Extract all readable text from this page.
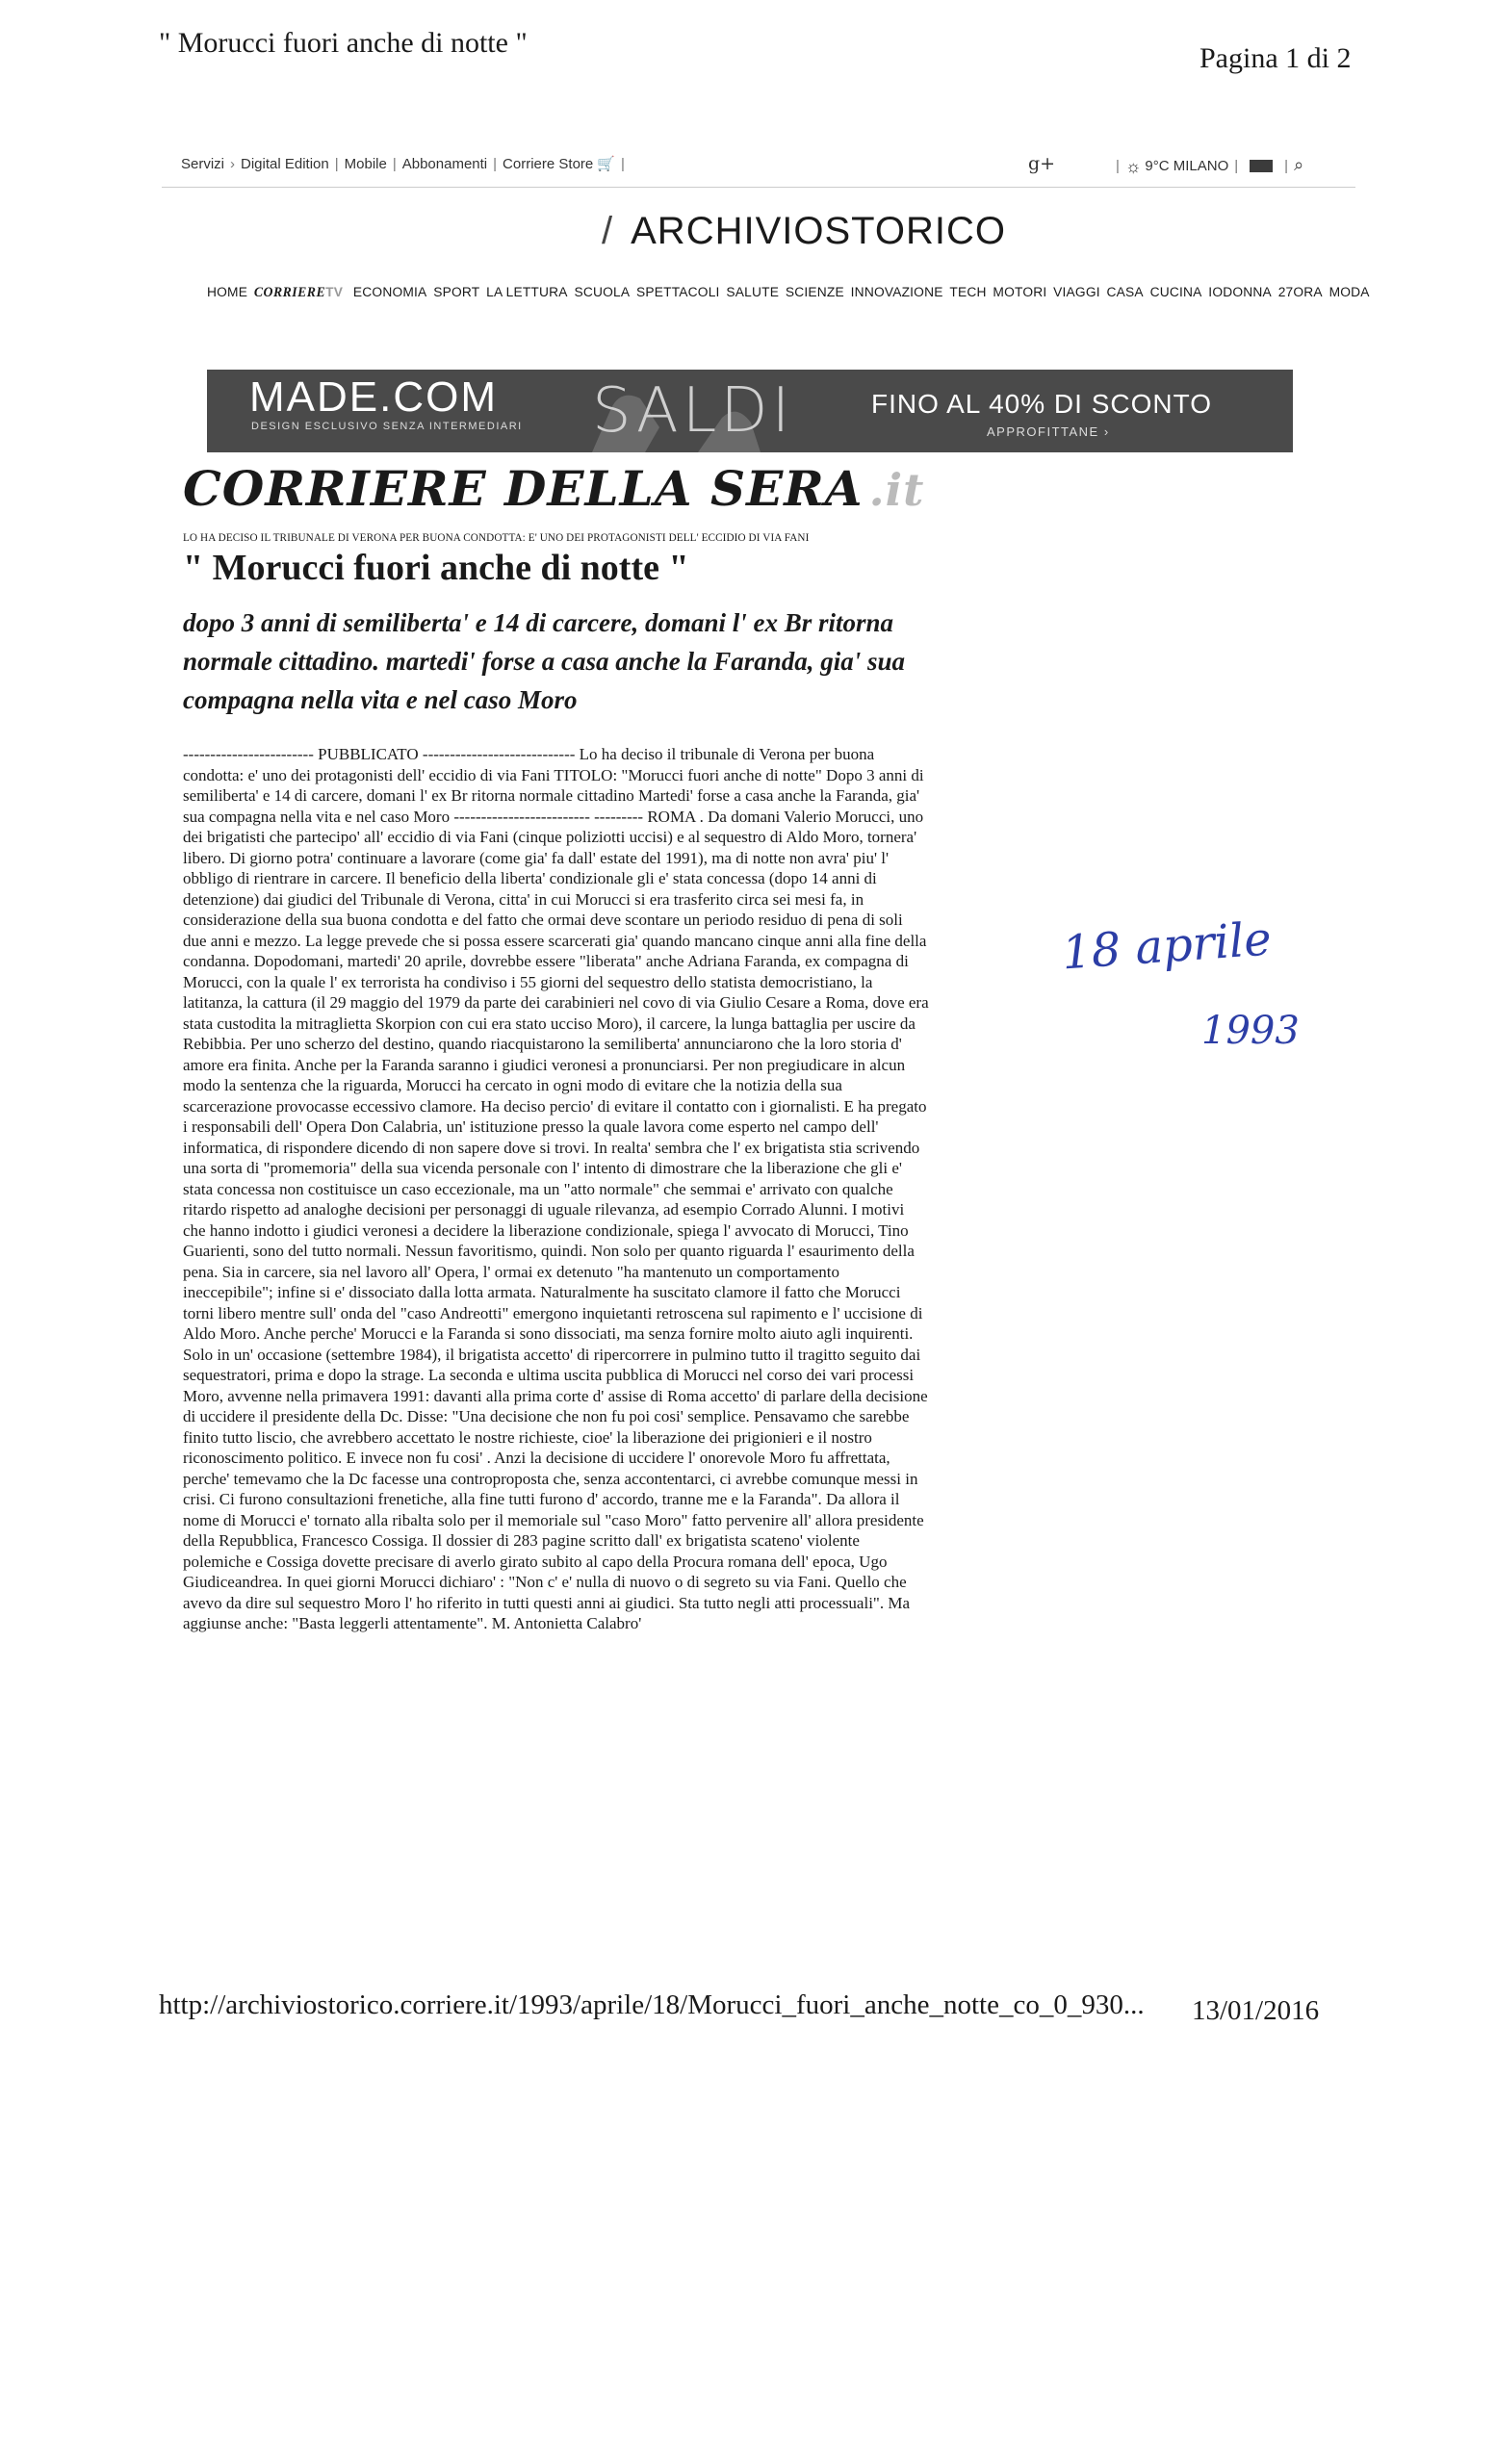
" Morucci fuori anche di notte "	Pagina 1 di 2
Servizi › Digital Edition | Mobile | Abbonamenti | Corriere Store 🛒 |	g+	| ☼ 9°C MILANO |	| ⌕
/ ARCHIVIOSTORICO
HOME CORRIERETV ECONOMIA SPORT LA LETTURA SCUOLA SPETTACOLI SALUTE SCIENZE INNOVAZIONE TECH MOTORI VIAGGI CASA CUCINA IODONNA 27ORA MODA
MADE.COM
DESIGN ESCLUSIVO SENZA INTERMEDIARI SALDI	FINO AL 40% DI SCONTO
APPROFITTANE ›
CORRIERE DELLA SERA .it
LO HA DECISO IL TRIBUNALE DI VERONA PER BUONA CONDOTTA: E' UNO DEI PROTAGONISTI DELL' ECCIDIO DI VIA FANI
" Morucci fuori anche di notte "
dopo 3 anni di semiliberta' e 14 di carcere, domani l' ex Br ritorna normale cittadino. martedi' forse a casa anche la Faranda, gia' sua compagna nella vita e nel caso Moro

------------------------ PUBBLICATO ---------------------------- Lo ha deciso il tribunale di Verona per buona condotta: e' uno dei protagonisti dell' eccidio di via Fani TITOLO: "Morucci fuori anche di notte" Dopo 3 anni di semiliberta' e 14 di carcere, domani l' ex Br ritorna normale cittadino Martedi' forse a casa anche la Faranda, gia' sua compagna nella vita e nel caso Moro ------------------------- --------- ROMA . Da domani Valerio Morucci, uno dei brigatisti che partecipo' all' eccidio di via Fani (cinque poliziotti uccisi) e al sequestro di Aldo Moro, tornera' libero. Di giorno potra' continuare a lavorare (come gia' fa dall' estate del 1991), ma di notte non avra' piu' l' obbligo di rientrare in carcere. Il beneficio della liberta' condizionale gli e' stata concessa (dopo 14 anni di detenzione) dai giudici del Tribunale di Verona, citta' in cui Morucci si era trasferito circa sei mesi fa, in considerazione della sua buona condotta e del fatto che ormai deve scontare un periodo residuo di pena di soli due anni e mezzo. La legge prevede che si possa essere scarcerati gia' quando mancano cinque anni alla fine della condanna. Dopodomani, martedi' 20 aprile, dovrebbe essere "liberata" anche Adriana Faranda, ex compagna di Morucci, con la quale l' ex terrorista ha condiviso i 55 giorni del sequestro dello statista democristiano, la latitanza, la cattura (il 29 maggio del 1979 da parte dei carabinieri nel covo di via Giulio Cesare a Roma, dove era stata custodita la mitraglietta Skorpion con cui era stato ucciso Moro), il carcere, la lunga battaglia per uscire da Rebibbia. Per uno scherzo del destino, quando riacquistarono la semiliberta' annunciarono che la loro storia d' amore era finita. Anche per la Faranda saranno i giudici veronesi a pronunciarsi. Per non pregiudicare in alcun modo la sentenza che la riguarda, Morucci ha cercato in ogni modo di evitare che la notizia della sua scarcerazione provocasse eccessivo clamore. Ha deciso percio' di evitare il contatto con i giornalisti. E ha pregato i responsabili dell' Opera Don Calabria, un' istituzione presso la quale lavora come esperto nel campo dell' informatica, di rispondere dicendo di non sapere dove si trovi. In realta' sembra che l' ex brigatista stia scrivendo una sorta di "promemoria" della sua vicenda personale con l' intento di dimostrare che la liberazione che gli e' stata concessa non costituisce un caso eccezionale, ma un "atto normale" che semmai e' arrivato con qualche ritardo rispetto ad analoghe decisioni per personaggi di uguale rilevanza, ad esempio Corrado Alunni. I motivi che hanno indotto i giudici veronesi a decidere la liberazione condizionale, spiega l' avvocato di Morucci, Tino Guarienti, sono del tutto normali. Nessun favoritismo, quindi. Non solo per quanto riguarda l' esaurimento della pena. Sia in carcere, sia nel lavoro all' Opera, l' ormai ex detenuto "ha mantenuto un comportamento ineccepibile"; infine si e' dissociato dalla lotta armata. Naturalmente ha suscitato clamore il fatto che Morucci torni libero mentre sull' onda del "caso Andreotti" emergono inquietanti retroscena sul rapimento e l' uccisione di Aldo Moro. Anche perche' Morucci e la Faranda si sono dissociati, ma senza fornire molto aiuto agli inquirenti. Solo in un' occasione (settembre 1984), il brigatista accetto' di ripercorrere in pulmino tutto il tragitto seguito dai sequestratori, prima e dopo la strage. La seconda e ultima uscita pubblica di Morucci nel corso dei vari processi Moro, avvenne nella primavera 1991: davanti alla prima corte d' assise di Roma accetto' di parlare della decisione di uccidere il presidente della Dc. Disse: "Una decisione che non fu poi cosi' semplice. Pensavamo che sarebbe finito tutto liscio, che avrebbero accettato le nostre richieste, cioe' la liberazione dei prigionieri e il nostro riconoscimento politico. E invece non fu cosi' . Anzi la decisione di uccidere l' onorevole Moro fu affrettata, perche' temevamo che la Dc facesse una controproposta che, senza accontentarci, ci avrebbe comunque messi in crisi. Ci furono consultazioni frenetiche, alla fine tutti furono d' accordo, tranne me e la Faranda". Da allora il nome di Morucci e' tornato alla ribalta solo per il memoriale sul "caso Moro" fatto pervenire all' allora presidente della Repubblica, Francesco Cossiga. Il dossier di 283 pagine scritto dall' ex brigatista scateno' violente polemiche e Cossiga dovette precisare di averlo girato subito al capo della Procura romana dell' epoca, Ugo Giudiceandrea. In quei giorni Morucci dichiaro' : "Non c' e' nulla di nuovo o di segreto su via Fani. Quello che avevo da dire sul sequestro Moro l' ho riferito in tutti questi anni ai giudici. Sta tutto negli atti processuali". Ma aggiunse anche: "Basta leggerli attentamente". M. Antonietta Calabro'

18 aprile
1993
http://archiviostorico.corriere.it/1993/aprile/18/Morucci_fuori_anche_notte_co_0_930... 13/01/2016
